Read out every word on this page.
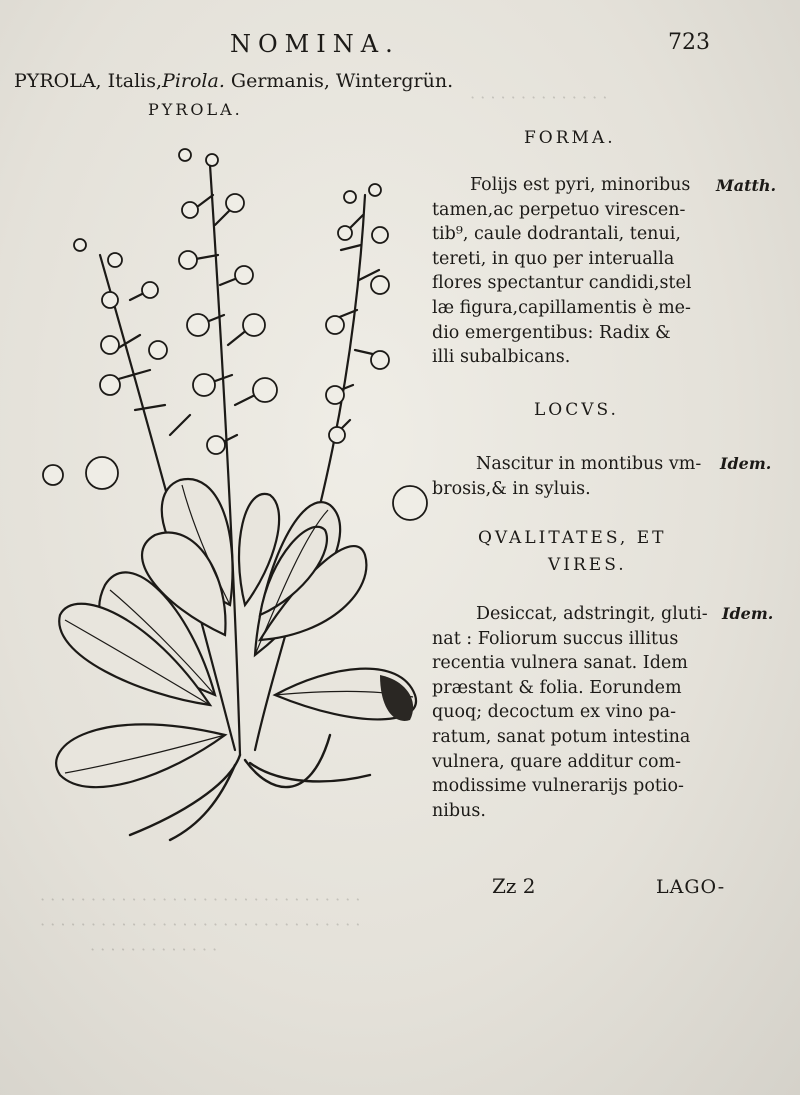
· · · · · · · · · · · · · ·
· · · · · · · · · · · · · · · · · · · · · · · · · · · · · · · ·
· · · · · · · · · · · · · · · · · · · · · · · · · · · · · · · ·
· · · · · · · · · · · · ·
NOMINA.	723
PYROLA, Italis,Pirola. Germanis, Wintergrün.
PYROLA.
FORMA.
Folijs est pyri, minoribus
tamen,ac perpetuo virescen-
tib⁹, caule dodrantali, tenui,
tereti, in quo per interualla
flores spectantur candidi,stel
læ figura,capillamentis è me-
dio emergentibus: Radix &
illi subalbicans.
Matth.
LOCVS.
Nascitur in montibus vm-
brosis,& in syluis.
Idem.
QVALITATES, ET
VIRES.
Desiccat, adstringit, gluti-
nat : Foliorum succus illitus
recentia vulnera sanat. Idem
præstant & folia. Eorundem
quoq; decoctum ex vino pa-
ratum, sanat potum intestina
vulnera, quare additur com-
modissime vulnerarijs potio-
nibus.
Idem.
Zz 2	LAGO-
